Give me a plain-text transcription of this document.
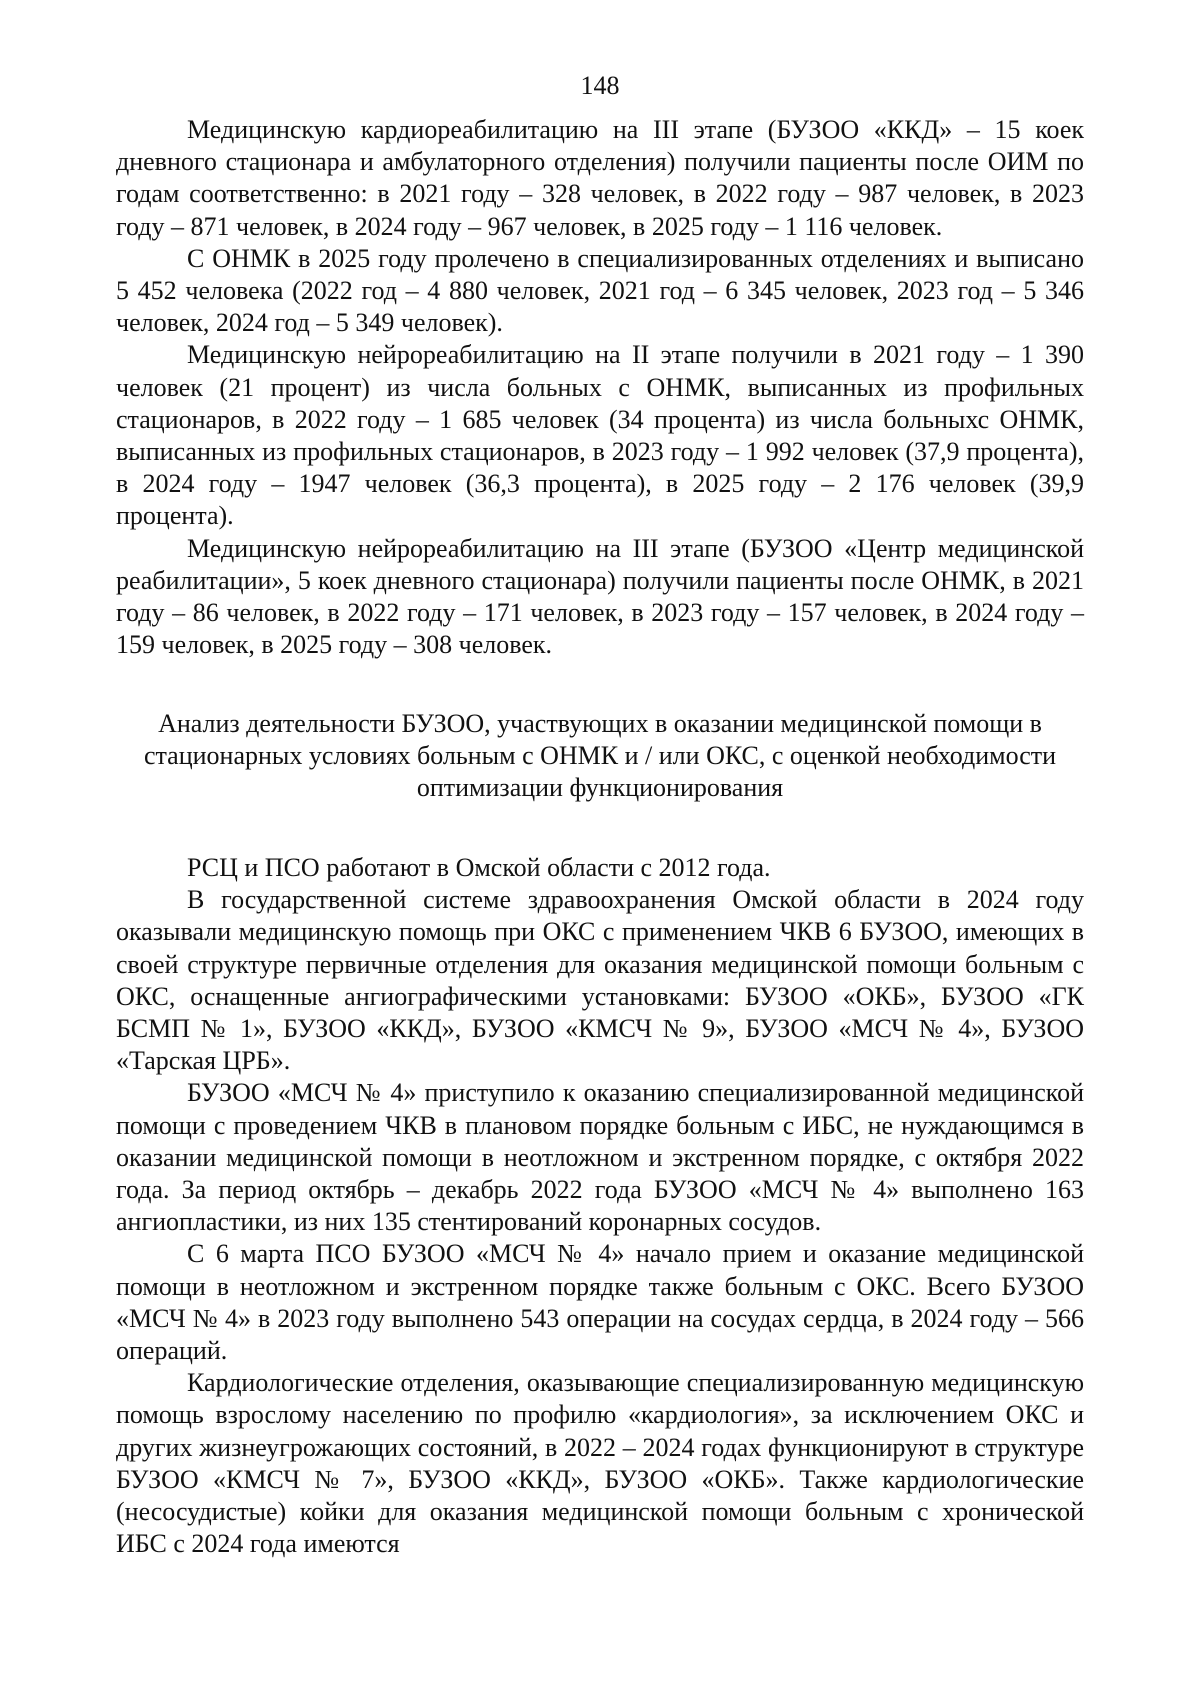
148

Медицинскую кардиореабилитацию на III этапе (БУЗОО «ККД» – 15 коек дневного стационара и амбулаторного отделения) получили пациенты после ОИМ по годам соответственно: в 2021 году – 328 человек, в 2022 году – 987 человек, в 2023 году – 871 человек, в 2024 году – 967 человек, в 2025 году – 1 116 человек.

С ОНМК в 2025 году пролечено в специализированных отделениях и выписано 5 452 человека (2022 год – 4 880 человек, 2021 год – 6 345 человек, 2023 год – 5 346 человек, 2024 год – 5 349 человек).

Медицинскую нейрореабилитацию на II этапе получили в 2021 году – 1 390 человек (21 процент) из числа больных с ОНМК, выписанных из профильных стационаров, в 2022 году – 1 685 человек (34 процента) из числа больныхс ОНМК, выписанных из профильных стационаров, в 2023 году – 1 992 человек (37,9 процента), в 2024 году – 1947 человек (36,3 процента), в 2025 году – 2 176 человек (39,9 процента).

Медицинскую нейрореабилитацию на III этапе (БУЗОО «Центр медицинской реабилитации», 5 коек дневного стационара) получили пациенты после ОНМК, в 2021 году – 86 человек, в 2022 году – 171 человек, в 2023 году – 157 человек, в 2024 году – 159 человек, в 2025 году – 308 человек.

Анализ деятельности БУЗОО, участвующих в оказании медицинской помощи в стационарных условиях больным с ОНМК и / или ОКС, с оценкой необходимости оптимизации функционирования

РСЦ и ПСО работают в Омской области с 2012 года.

В государственной системе здравоохранения Омской области в 2024 году оказывали медицинскую помощь при ОКС с применением ЧКВ 6 БУЗОО, имеющих в своей структуре первичные отделения для оказания медицинской помощи больным с ОКС, оснащенные ангиографическими установками: БУЗОО «ОКБ», БУЗОО «ГК БСМП № 1», БУЗОО «ККД», БУЗОО «КМСЧ № 9», БУЗОО «МСЧ № 4», БУЗОО «Тарская ЦРБ».

БУЗОО «МСЧ № 4» приступило к оказанию специализированной медицинской помощи с проведением ЧКВ в плановом порядке больным с ИБС, не нуждающимся в оказании медицинской помощи в неотложном и экстренном порядке, с октября 2022 года. За период октябрь – декабрь 2022 года БУЗОО «МСЧ № 4» выполнено 163 ангиопластики, из них 135 стентирований коронарных сосудов.

С 6 марта ПСО БУЗОО «МСЧ № 4» начало прием и оказание медицинской помощи в неотложном и экстренном порядке также больным с ОКС. Всего БУЗОО «МСЧ № 4» в 2023 году выполнено 543 операции на сосудах сердца, в 2024 году – 566 операций.

Кардиологические отделения, оказывающие специализированную медицинскую помощь взрослому населению по профилю «кардиология», за исключением ОКС и других жизнеугрожающих состояний, в 2022 – 2024 годах функционируют в структуре БУЗОО «КМСЧ № 7», БУЗОО «ККД», БУЗОО «ОКБ». Также кардиологические (несосудистые) койки для оказания медицинской помощи больным с хронической ИБС с 2024 года имеются
